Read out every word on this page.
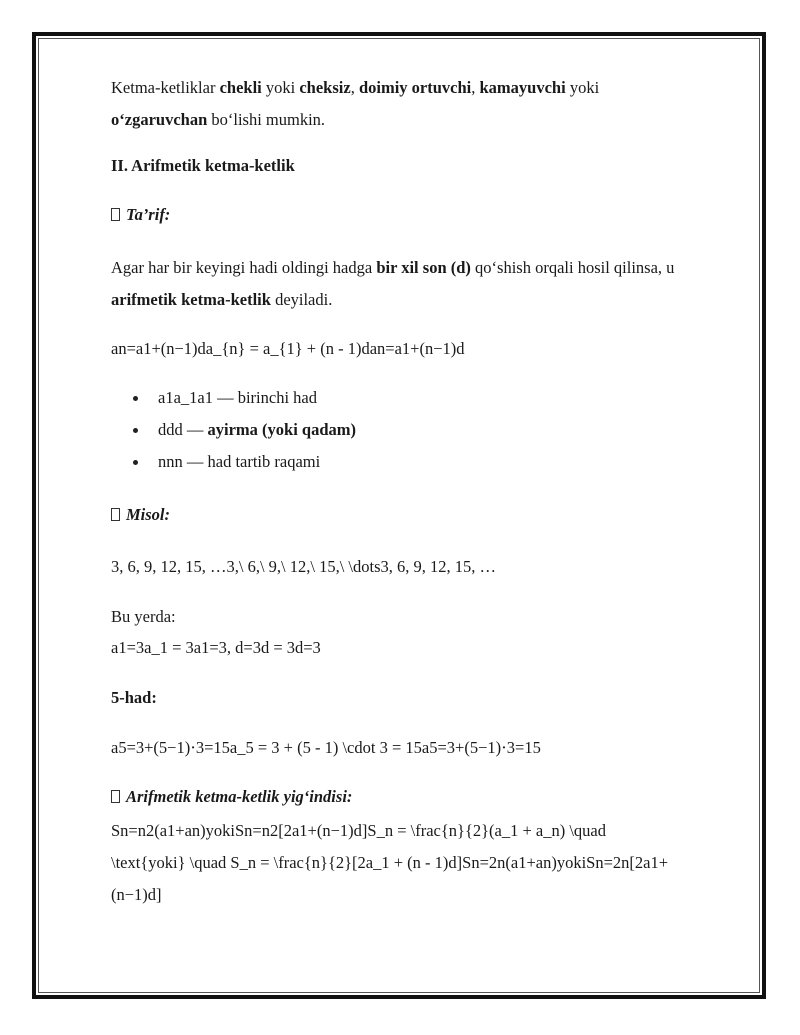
Ketma-ketliklar chekli yoki cheksiz, doimiy ortuvchi, kamayuvchi yoki
o‘zgaruvchan bo‘lishi mumkin.
II. Arifmetik ketma-ketlik
Ta’rif:
Agar har bir keyingi hadi oldingi hadga bir xil son (d) qo‘shish orqali hosil qilinsa, u
arifmetik ketma-ketlik deyiladi.
an=a1+(n−1)da_{n} = a_{1} + (n - 1)dan=a1+(n−1)d
a1a_1a1 — birinchi had
ddd — ayirma (yoki qadam)
nnn — had tartib raqami
Misol:
3, 6, 9, 12, 15, …3,\ 6,\ 9,\ 12,\ 15,\ \dots3, 6, 9, 12, 15, …
Bu yerda:
a1=3a_1 = 3a1=3, d=3d = 3d=3
5-had:
a5=3+(5−1)⋅3=15a_5 = 3 + (5 - 1) \cdot 3 = 15a5=3+(5−1)⋅3=15
Arifmetik ketma-ketlik yig‘indisi:
Sn=n2(a1+an)yokiSn=n2[2a1+(n−1)d]S_n = \frac{n}{2}(a_1 + a_n) \quad
\text{yoki} \quad S_n = \frac{n}{2}[2a_1 + (n - 1)d]Sn=2n(a1+an)yokiSn=2n[2a1+
(n−1)d]
